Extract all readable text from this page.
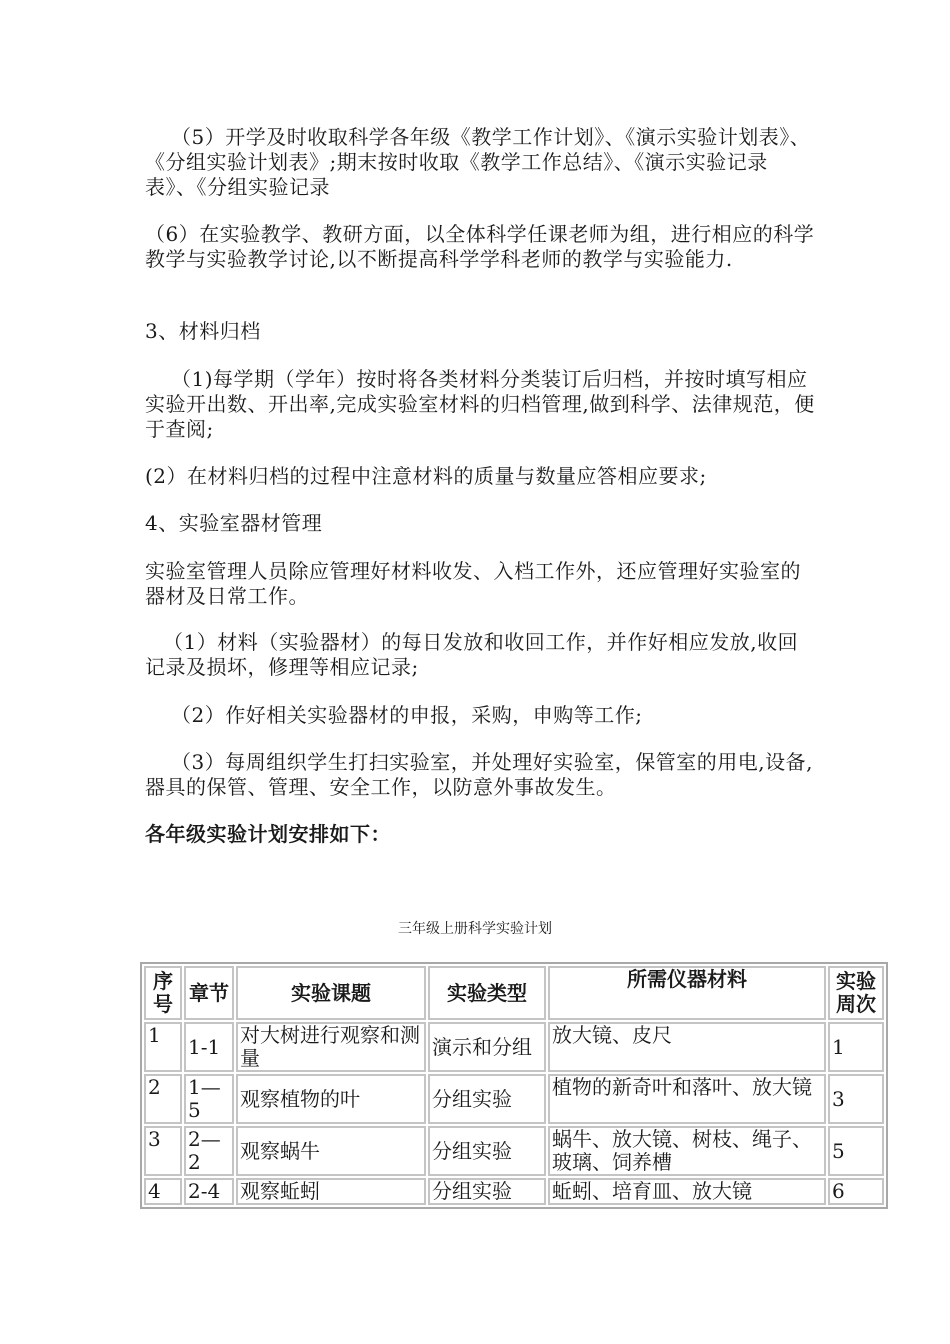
（5）开学及时收取科学各年级《教学工作计划》、《演示实验计划表》、《分组实验计划表》;期末按时收取《教学工作总结》、《演示实验记录表》、《分组实验记录

（6）在实验教学、教研方面，以全体科学任课老师为组，进行相应的科学教学与实验教学讨论,以不断提高科学学科老师的教学与实验能力.

3、材料归档

（1)每学期（学年）按时将各类材料分类装订后归档，并按时填写相应实验开出数、开出率,完成实验室材料的归档管理,做到科学、法律规范，便于查阅;

(2）在材料归档的过程中注意材料的质量与数量应答相应要求;

4、实验室器材管理

实验室管理人员除应管理好材料收发、入档工作外，还应管理好实验室的器材及日常工作。

（1）材料（实验器材）的每日发放和收回工作，并作好相应发放,收回记录及损坏，修理等相应记录;

（2）作好相关实验器材的申报，采购，申购等工作;

（3）每周组织学生打扫实验室，并处理好实验室，保管室的用电,设备,器具的保管、管理、安全工作，以防意外事故发生。

各年级实验计划安排如下：

三年级上册科学实验计划
序号	章节	实验课题	实验类型	所需仪器材料	实验周次
1	1-1	对大树进行观察和测量	演示和分组	放大镜、皮尺	1
2	1—5	观察植物的叶	分组实验	植物的新奇叶和落叶、放大镜	3
3	2—2	观察蜗牛	分组实验	蜗牛、放大镜、树枝、绳子、玻璃、饲养槽	5
4	2-4	观察蚯蚓	分组实验	蚯蚓、培育皿、放大镜	6
